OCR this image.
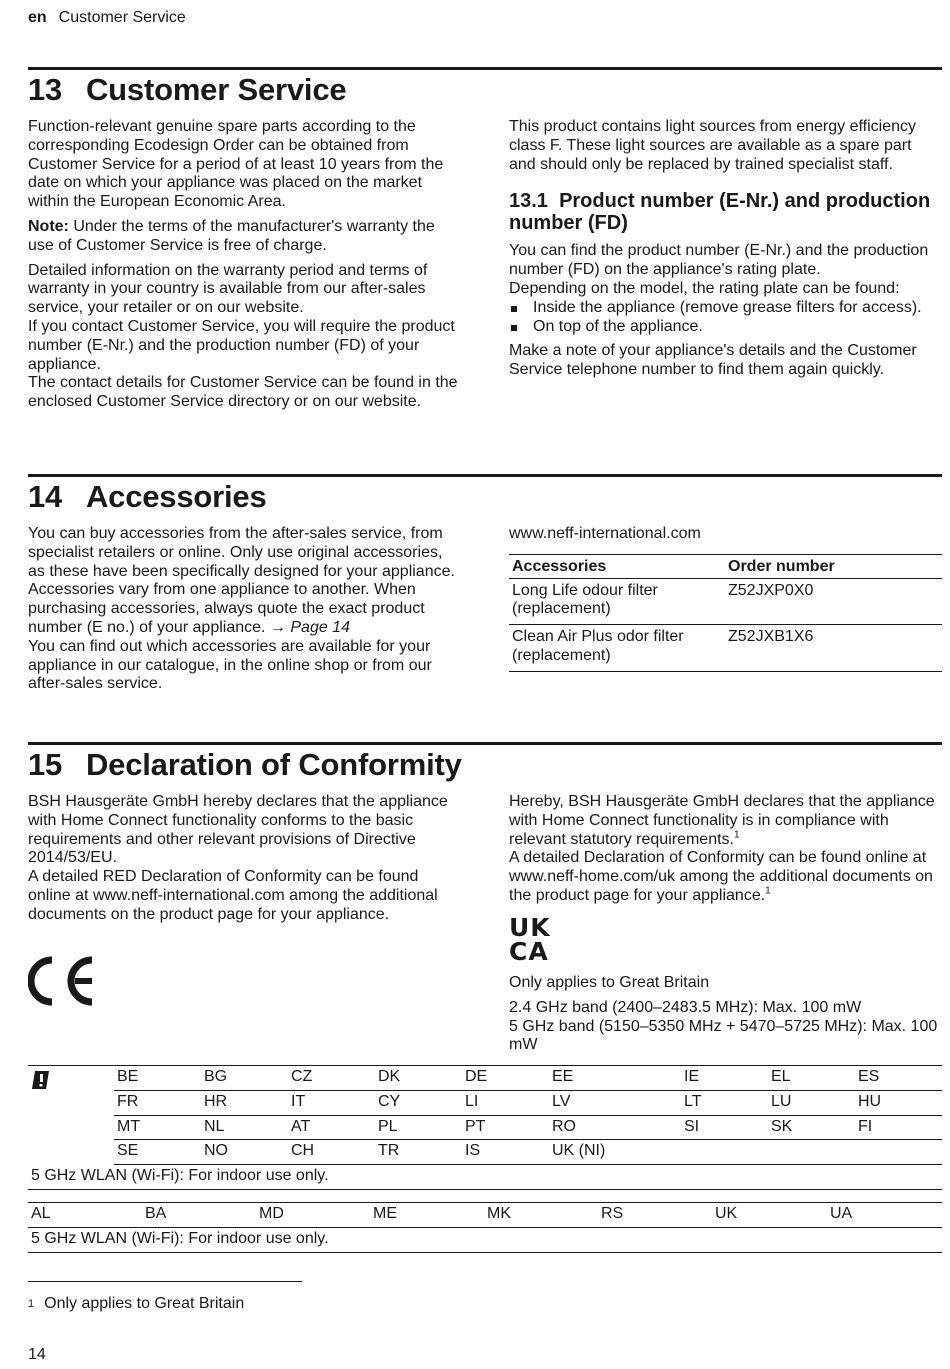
en Customer Service
13 Customer Service

Function-relevant genuine spare parts according to the corresponding Ecodesign Order can be obtained from Customer Service for a period of at least 10 years from the date on which your appliance was placed on the market within the European Economic Area.

Note: Under the terms of the manufacturer's warranty the use of Customer Service is free of charge.

Detailed information on the warranty period and terms of warranty in your country is available from our after-sales service, your retailer or on our website.

If you contact Customer Service, you will require the product number (E-Nr.) and the production number (FD) of your appliance.

The contact details for Customer Service can be found in the enclosed Customer Service directory or on our website.

This product contains light sources from energy efficiency class F. These light sources are available as a spare part and should only be replaced by trained specialist staff.

13.1 Product number (E-Nr.) and production number (FD)

You can find the product number (E-Nr.) and the production number (FD) on the appliance's rating plate.

Depending on the model, the rating plate can be found:

Inside the appliance (remove grease filters for access).
On top of the appliance.

Make a note of your appliance's details and the Customer Service telephone number to find them again quickly.

14 Accessories

You can buy accessories from the after-sales service, from specialist retailers or online. Only use original accessories, as these have been specifically designed for your appliance.

Accessories vary from one appliance to another. When purchasing accessories, always quote the exact product number (E no.) of your appliance. → Page 14

You can find out which accessories are available for your appliance in our catalogue, in the online shop or from our after-sales service.

www.neff-international.com

Accessories	Order number
Long Life odour filter (replacement)	Z52JXP0X0
Clean Air Plus odor filter (replacement)	Z52JXB1X6
15 Declaration of Conformity

BSH Hausgeräte GmbH hereby declares that the appliance with Home Connect functionality conforms to the basic requirements and other relevant provisions of Directive 2014/53/EU.

A detailed RED Declaration of Conformity can be found online at www.neff-international.com among the additional documents on the product page for your appliance.

Hereby, BSH Hausgeräte GmbH declares that the appliance with Home Connect functionality is in compliance with relevant statutory requirements.$^1$

A detailed Declaration of Conformity can be found online at www.neff-home.com/uk among the additional documents on the product page for your appliance.$^1$

UK
CA

Only applies to Great Britain

2.4 GHz band (2400–2483.5 MHz): Max. 100 mW

5 GHz band (5150–5350 MHz + 5470–5725 MHz): Max. 100 mW

	BE	BG	CZ	DK	DE	EE	IE	EL	ES
	FR	HR	IT	CY	LI	LV	LT	LU	HU
	MT	NL	AT	PL	PT	RO	SI	SK	FI
	SE	NO	CH	TR	IS	UK (NI)			
5 GHz WLAN (Wi-Fi): For indoor use only.									
AL	BA	MD	ME	MK	RS	UK	UA
5 GHz WLAN (Wi-Fi): For indoor use only.
$^1$ Only applies to Great Britain
14
